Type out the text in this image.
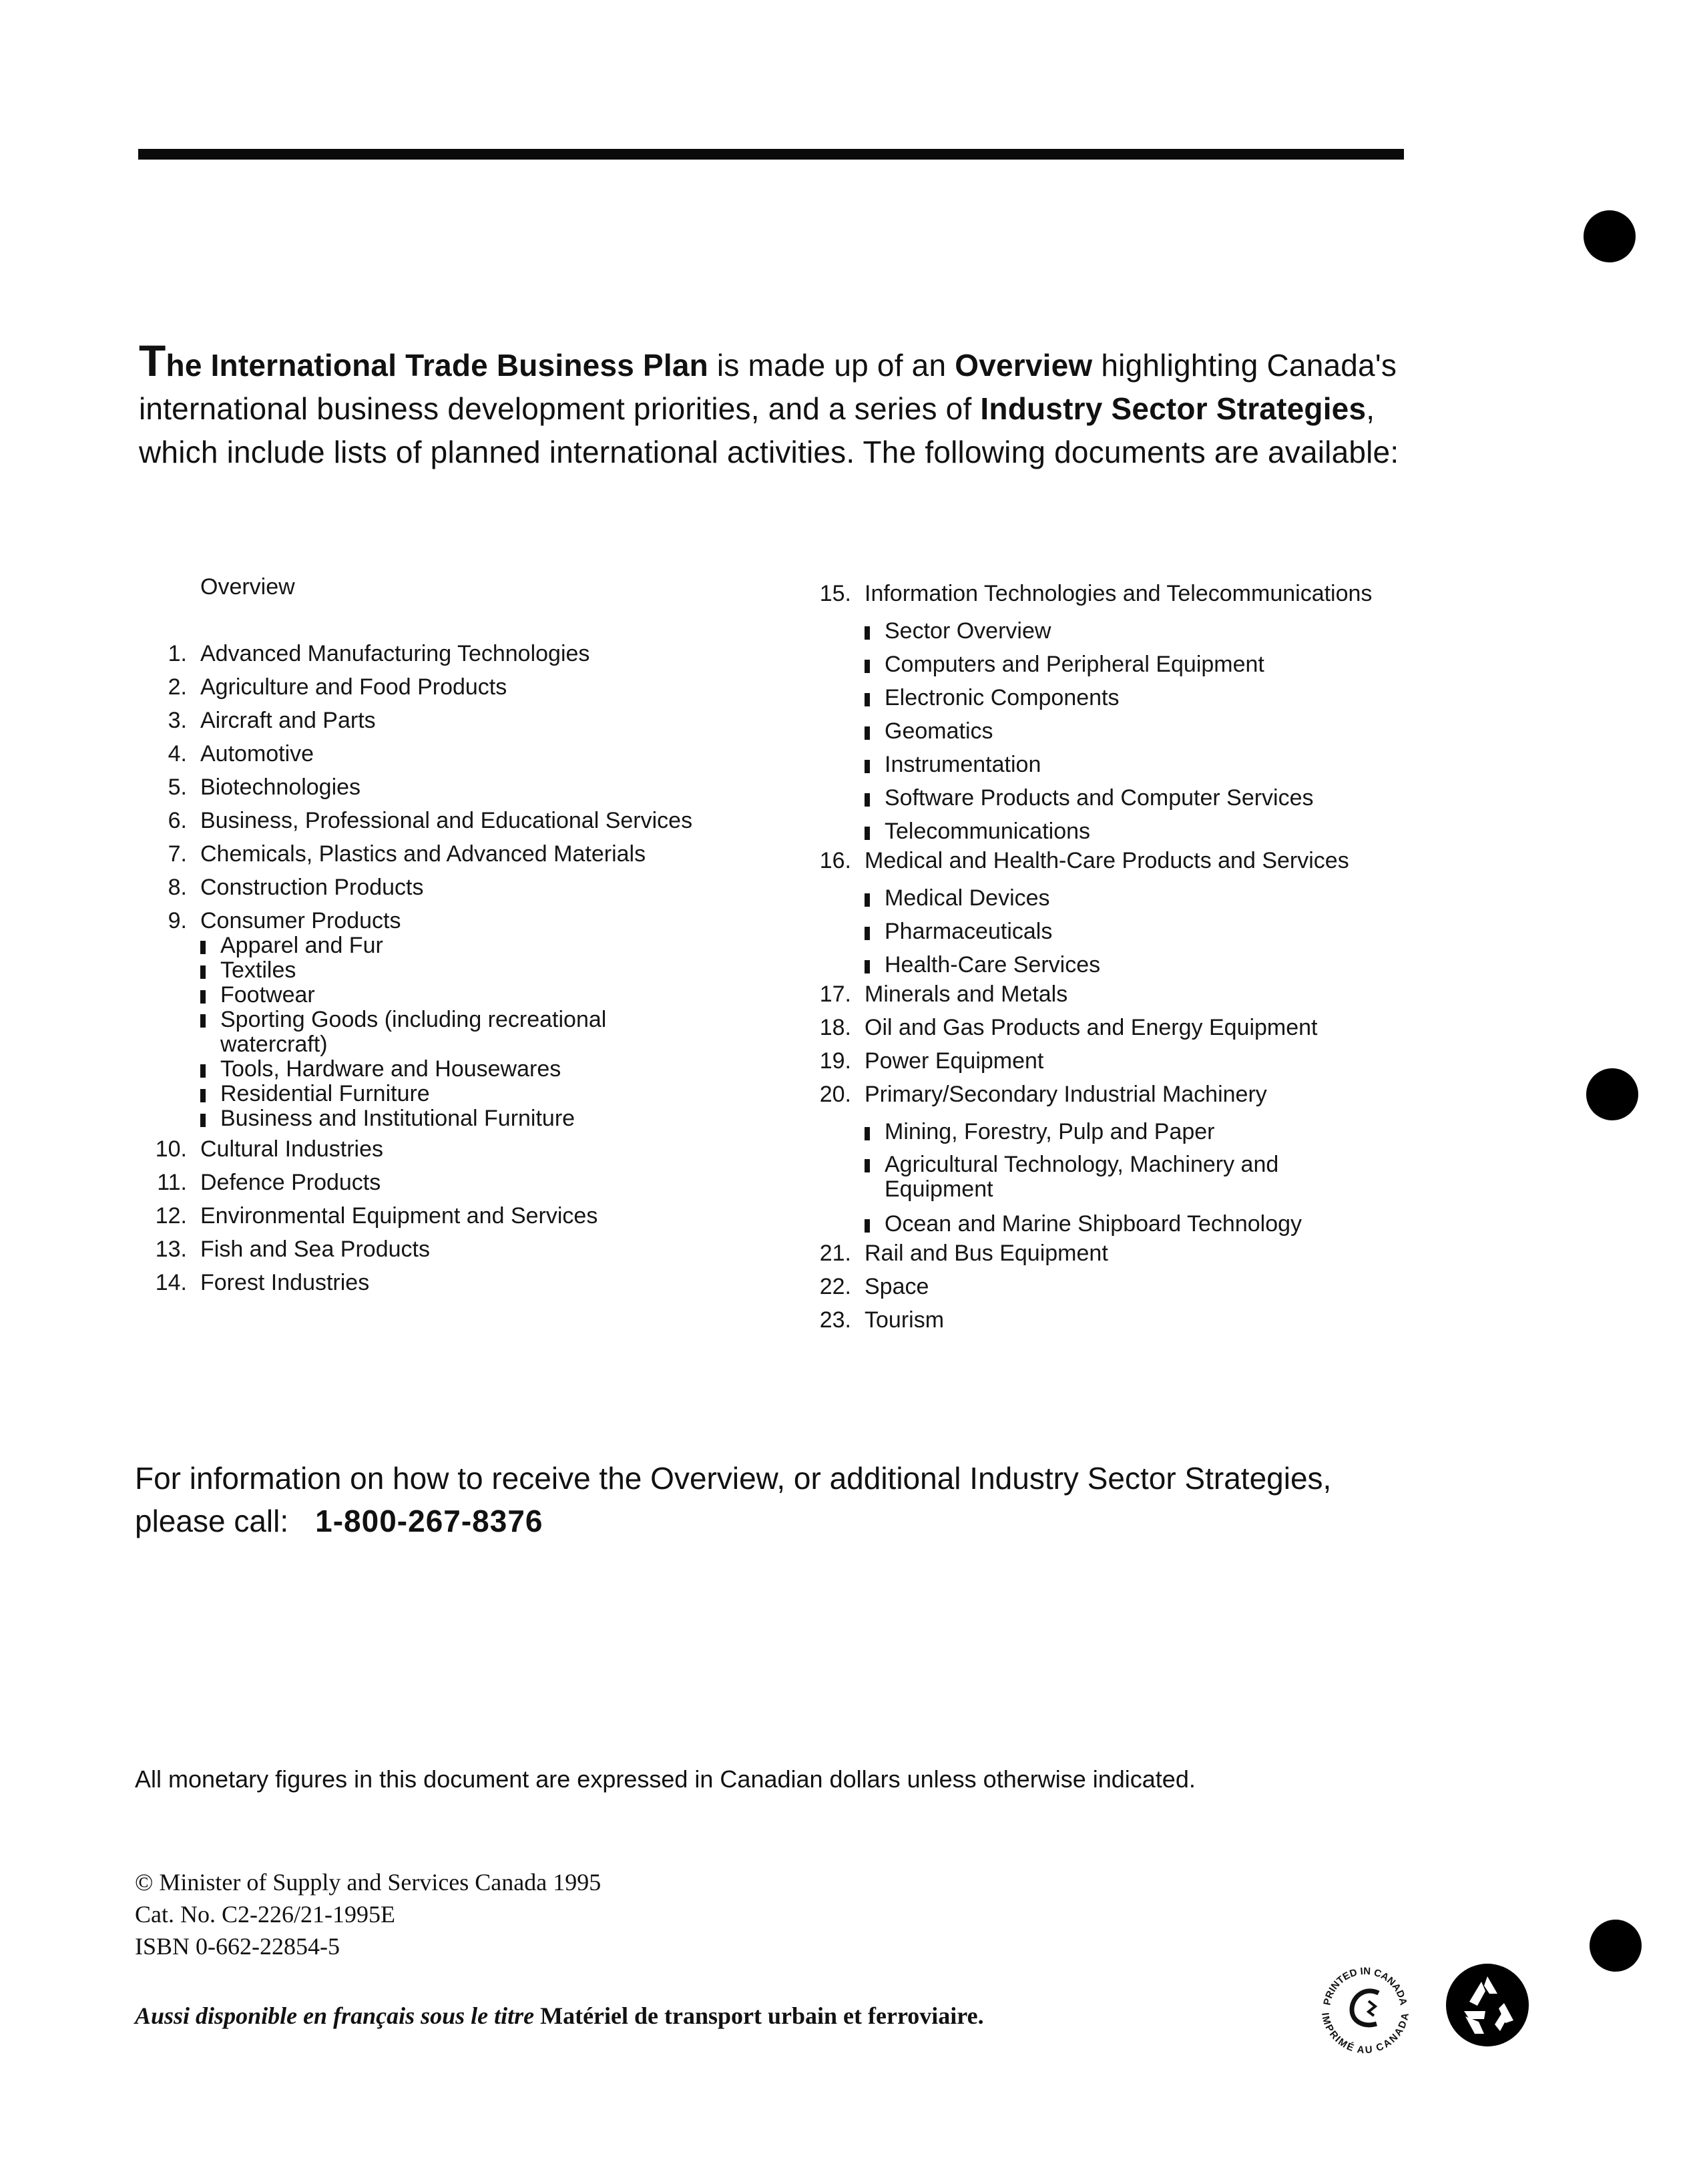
The International Trade Business Plan is made up of an Overview highlighting Canada's international business development priorities, and a series of Industry Sector Strategies, which include lists of planned international activities. The following documents are available:
Overview
1. Advanced Manufacturing Technologies
2. Agriculture and Food Products
3. Aircraft and Parts
4. Automotive
5. Biotechnologies
6. Business, Professional and Educational Services
7. Chemicals, Plastics and Advanced Materials
8. Construction Products
9. Consumer Products
Apparel and Fur
Textiles
Footwear
Sporting Goods (including recreational watercraft)
Tools, Hardware and Housewares
Residential Furniture
Business and Institutional Furniture
10. Cultural Industries
11. Defence Products
12. Environmental Equipment and Services
13. Fish and Sea Products
14. Forest Industries
15. Information Technologies and Telecommunications
Sector Overview
Computers and Peripheral Equipment
Electronic Components
Geomatics
Instrumentation
Software Products and Computer Services
Telecommunications
16. Medical and Health-Care Products and Services
Medical Devices
Pharmaceuticals
Health-Care Services
17. Minerals and Metals
18. Oil and Gas Products and Energy Equipment
19. Power Equipment
20. Primary/Secondary Industrial Machinery
Mining, Forestry, Pulp and Paper
Agricultural Technology, Machinery and Equipment
Ocean and Marine Shipboard Technology
21. Rail and Bus Equipment
22. Space
23. Tourism
For information on how to receive the Overview, or additional Industry Sector Strategies,
please call: 1-800-267-8376
All monetary figures in this document are expressed in Canadian dollars unless otherwise indicated.
© Minister of Supply and Services Canada 1995
Cat. No. C2-226/21-1995E
ISBN 0-662-22854-5
Aussi disponible en français sous le titre Matériel de transport urbain et ferroviaire.
PRINTED IN CANADA
IMPRIMÉ AU CANADA
